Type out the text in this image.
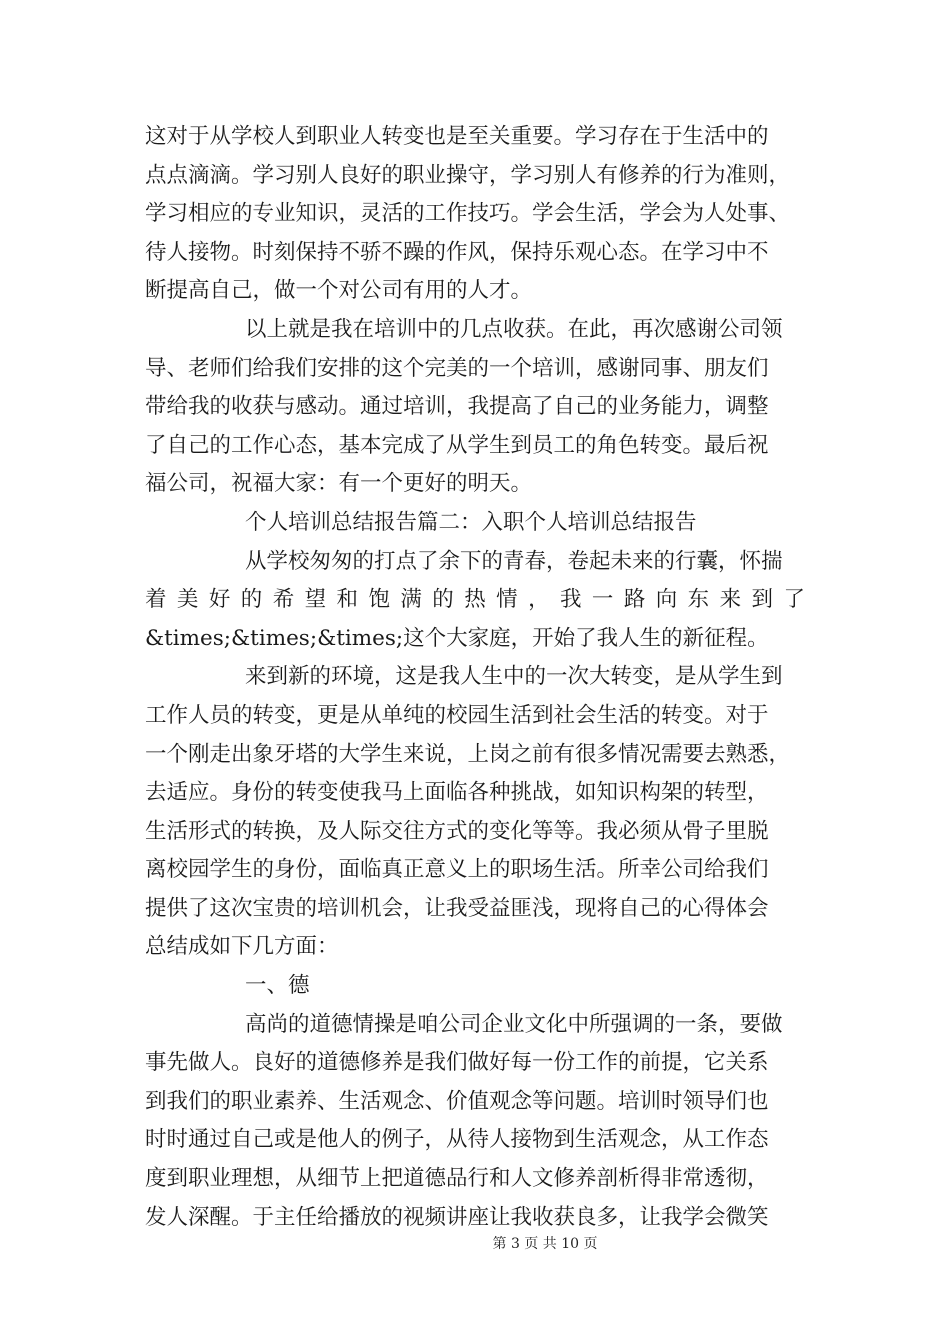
这对于从学校人到职业人转变也是至关重要。学习存在于生活中的
点点滴滴。学习别人良好的职业操守，学习别人有修养的行为准则，
学习相应的专业知识，灵活的工作技巧。学会生活，学会为人处事、
待人接物。时刻保持不骄不躁的作风，保持乐观心态。在学习中不
断提高自己，做一个对公司有用的人才。
以上就是我在培训中的几点收获。在此，再次感谢公司领
导、老师们给我们安排的这个完美的一个培训，感谢同事、朋友们
带给我的收获与感动。通过培训，我提高了自己的业务能力，调整
了自己的工作心态，基本完成了从学生到员工的角色转变。最后祝
福公司，祝福大家：有一个更好的明天。
个人培训总结报告篇二：入职个人培训总结报告
从学校匆匆的打点了余下的青春，卷起未来的行囊，怀揣
着 美 好 的 希 望 和 饱 满 的 热 情 ， 我 一 路 向 东 来 到 了
&times;&times;&times;这个大家庭，开始了我人生的新征程。
来到新的环境，这是我人生中的一次大转变，是从学生到
工作人员的转变，更是从单纯的校园生活到社会生活的转变。对于
一个刚走出象牙塔的大学生来说，上岗之前有很多情况需要去熟悉，
去适应。身份的转变使我马上面临各种挑战，如知识构架的转型，
生活形式的转换，及人际交往方式的变化等等。我必须从骨子里脱
离校园学生的身份，面临真正意义上的职场生活。所幸公司给我们
提供了这次宝贵的培训机会，让我受益匪浅，现将自己的心得体会
总结成如下几方面：
一、德
高尚的道德情操是咱公司企业文化中所强调的一条，要做
事先做人。良好的道德修养是我们做好每一份工作的前提，它关系
到我们的职业素养、生活观念、价值观念等问题。培训时领导们也
时时通过自己或是他人的例子，从待人接物到生活观念，从工作态
度到职业理想，从细节上把道德品行和人文修养剖析得非常透彻，
发人深醒。于主任给播放的视频讲座让我收获良多，让我学会微笑
第 3 页 共 10 页
